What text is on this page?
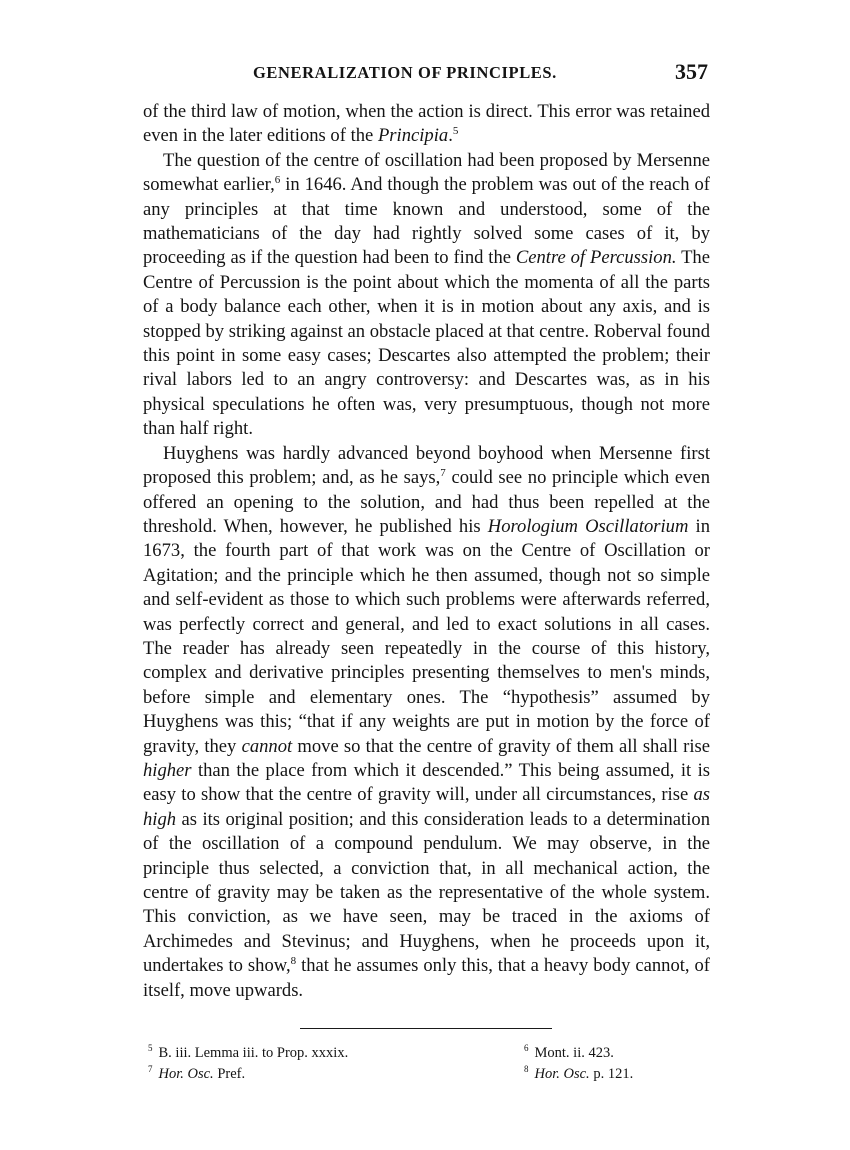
GENERALIZATION OF PRINCIPLES.	357

of the third law of motion, when the action is direct. This error was retained even in the later editions of the Principia.$^5$

The question of the centre of oscillation had been proposed by Mersenne somewhat earlier,$^6$ in 1646. And though the problem was out of the reach of any principles at that time known and understood, some of the mathematicians of the day had rightly solved some cases of it, by proceeding as if the question had been to find the Centre of Percussion. The Centre of Percussion is the point about which the momenta of all the parts of a body balance each other, when it is in motion about any axis, and is stopped by striking against an obstacle placed at that centre. Roberval found this point in some easy cases; Descartes also attempted the problem; their rival labors led to an angry controversy: and Descartes was, as in his physical speculations he often was, very presumptuous, though not more than half right.

Huyghens was hardly advanced beyond boyhood when Mersenne first proposed this problem; and, as he says,$^7$ could see no principle which even offered an opening to the solution, and had thus been repelled at the threshold. When, however, he published his Horologium Oscillatorium in 1673, the fourth part of that work was on the Centre of Oscillation or Agitation; and the principle which he then assumed, though not so simple and self-evident as those to which such problems were afterwards referred, was perfectly correct and general, and led to exact solutions in all cases. The reader has already seen repeatedly in the course of this history, complex and derivative principles presenting themselves to men's minds, before simple and elementary ones. The “hypothesis” assumed by Huyghens was this; “that if any weights are put in motion by the force of gravity, they cannot move so that the centre of gravity of them all shall rise higher than the place from which it descended.” This being assumed, it is easy to show that the centre of gravity will, under all circumstances, rise as high as its original position; and this consideration leads to a determination of the oscillation of a compound pendulum. We may observe, in the principle thus selected, a conviction that, in all mechanical action, the centre of gravity may be taken as the representative of the whole system. This conviction, as we have seen, may be traced in the axioms of Archimedes and Stevinus; and Huyghens, when he proceeds upon it, undertakes to show,$^8$ that he assumes only this, that a heavy body cannot, of itself, move upwards.

$^5$ B. iii. Lemma iii. to Prop. xxxix.	$^6$ Mont. ii. 423.
$^7$ Hor. Osc. Pref.	$^8$ Hor. Osc. p. 121.
